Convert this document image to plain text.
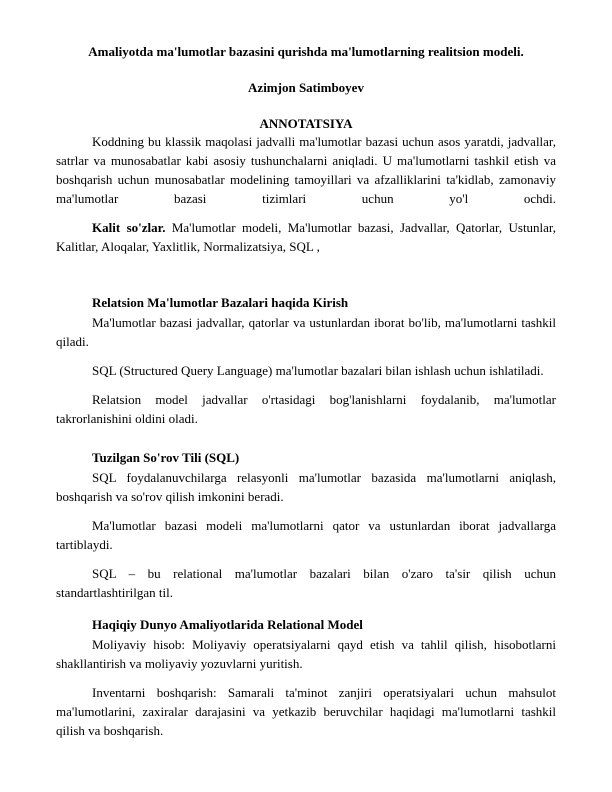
Amaliyotda ma'lumotlar bazasini qurishda ma'lumotlarning realitsion modeli.
Azimjon Satimboyev
ANNOTATSIYA

Koddning bu klassik maqolasi jadvalli ma'lumotlar bazasi uchun asos yaratdi, jadvallar, satrlar va munosabatlar kabi asosiy tushunchalarni aniqladi. U ma'lumotlarni tashkil etish va boshqarish uchun munosabatlar modelining tamoyillari va afzalliklarini ta'kidlab, zamonaviy ma'lumotlar bazasi tizimlari uchun yo'l ochdi.

Kalit so'zlar. Ma'lumotlar modeli, Ma'lumotlar bazasi, Jadvallar, Qatorlar, Ustunlar, Kalitlar, Aloqalar, Yaxlitlik, Normalizatsiya, SQL ,

Relatsion Ma'lumotlar Bazalari haqida Kirish

Ma'lumotlar bazasi jadvallar, qatorlar va ustunlardan iborat bo'lib, ma'lumotlarni tashkil qiladi.

SQL (Structured Query Language) ma'lumotlar bazalari bilan ishlash uchun ishlatiladi.

Relatsion model jadvallar o'rtasidagi bog'lanishlarni foydalanib, ma'lumotlar takrorlanishini oldini oladi.

Tuzilgan So'rov Tili (SQL)

SQL foydalanuvchilarga relasyonli ma'lumotlar bazasida ma'lumotlarni aniqlash, boshqarish va so'rov qilish imkonini beradi.

Ma'lumotlar bazasi modeli ma'lumotlarni qator va ustunlardan iborat jadvallarga tartiblaydi.

SQL – bu relational ma'lumotlar bazalari bilan o'zaro ta'sir qilish uchun standartlashtirilgan til.

Haqiqiy Dunyo Amaliyotlarida Relational Model

Moliyaviy hisob: Moliyaviy operatsiyalarni qayd etish va tahlil qilish, hisobotlarni shakllantirish va moliyaviy yozuvlarni yuritish.

Inventarni boshqarish: Samarali ta'minot zanjiri operatsiyalari uchun mahsulot ma'lumotlarini, zaxiralar darajasini va yetkazib beruvchilar haqidagi ma'lumotlarni tashkil qilish va boshqarish.
